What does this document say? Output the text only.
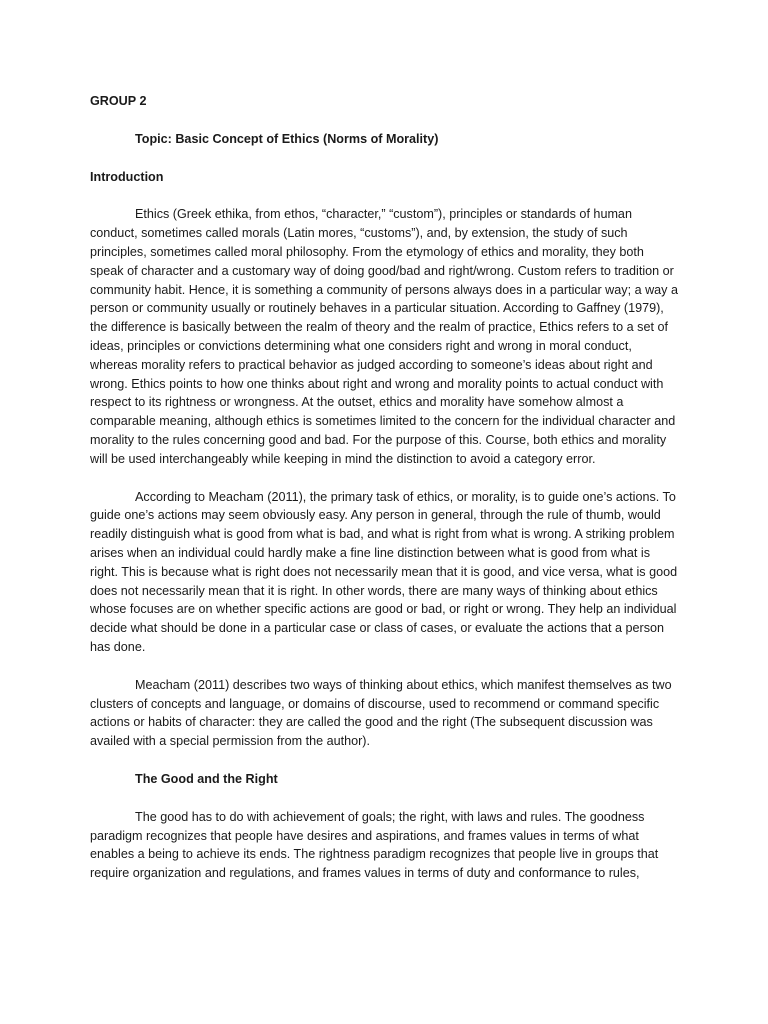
GROUP 2

Topic: Basic Concept of Ethics (Norms of Morality)

Introduction

Ethics (Greek ethika, from ethos, “character,” “custom”), principles or standards of human conduct, sometimes called morals (Latin mores, “customs”), and, by extension, the study of such principles, sometimes called moral philosophy. From the etymology of ethics and morality, they both speak of character and a customary way of doing good/bad and right/wrong. Custom refers to tradition or community habit. Hence, it is something a community of persons always does in a particular way; a way a person or community usually or routinely behaves in a particular situation. According to Gaffney (1979), the difference is basically between the realm of theory and the realm of practice, Ethics refers to a set of ideas, principles or convictions determining what one considers right and wrong in moral conduct, whereas morality refers to practical behavior as judged according to someone’s ideas about right and wrong. Ethics points to how one thinks about right and wrong and morality points to actual conduct with respect to its rightness or wrongness. At the outset, ethics and morality have somehow almost a comparable meaning, although ethics is sometimes limited to the concern for the individual character and morality to the rules concerning good and bad. For the purpose of this. Course, both ethics and morality will be used interchangeably while keeping in mind the distinction to avoid a category error.

According to Meacham (2011), the primary task of ethics, or morality, is to guide one’s actions. To guide one’s actions may seem obviously easy. Any person in general, through the rule of thumb, would readily distinguish what is good from what is bad, and what is right from what is wrong. A striking problem arises when an individual could hardly make a fine line distinction between what is good from what is right. This is because what is right does not necessarily mean that it is good, and vice versa, what is good does not necessarily mean that it is right. In other words, there are many ways of thinking about ethics whose focuses are on whether specific actions are good or bad, or right or wrong. They help an individual decide what should be done in a particular case or class of cases, or evaluate the actions that a person has done.

Meacham (2011) describes two ways of thinking about ethics, which manifest themselves as two clusters of concepts and language, or domains of discourse, used to recommend or command specific actions or habits of character: they are called the good and the right (The subsequent discussion was availed with a special permission from the author).

The Good and the Right

The good has to do with achievement of goals; the right, with laws and rules. The goodness paradigm recognizes that people have desires and aspirations, and frames values in terms of what enables a being to achieve its ends. The rightness paradigm recognizes that people live in groups that require organization and regulations, and frames values in terms of duty and conformance to rules,
